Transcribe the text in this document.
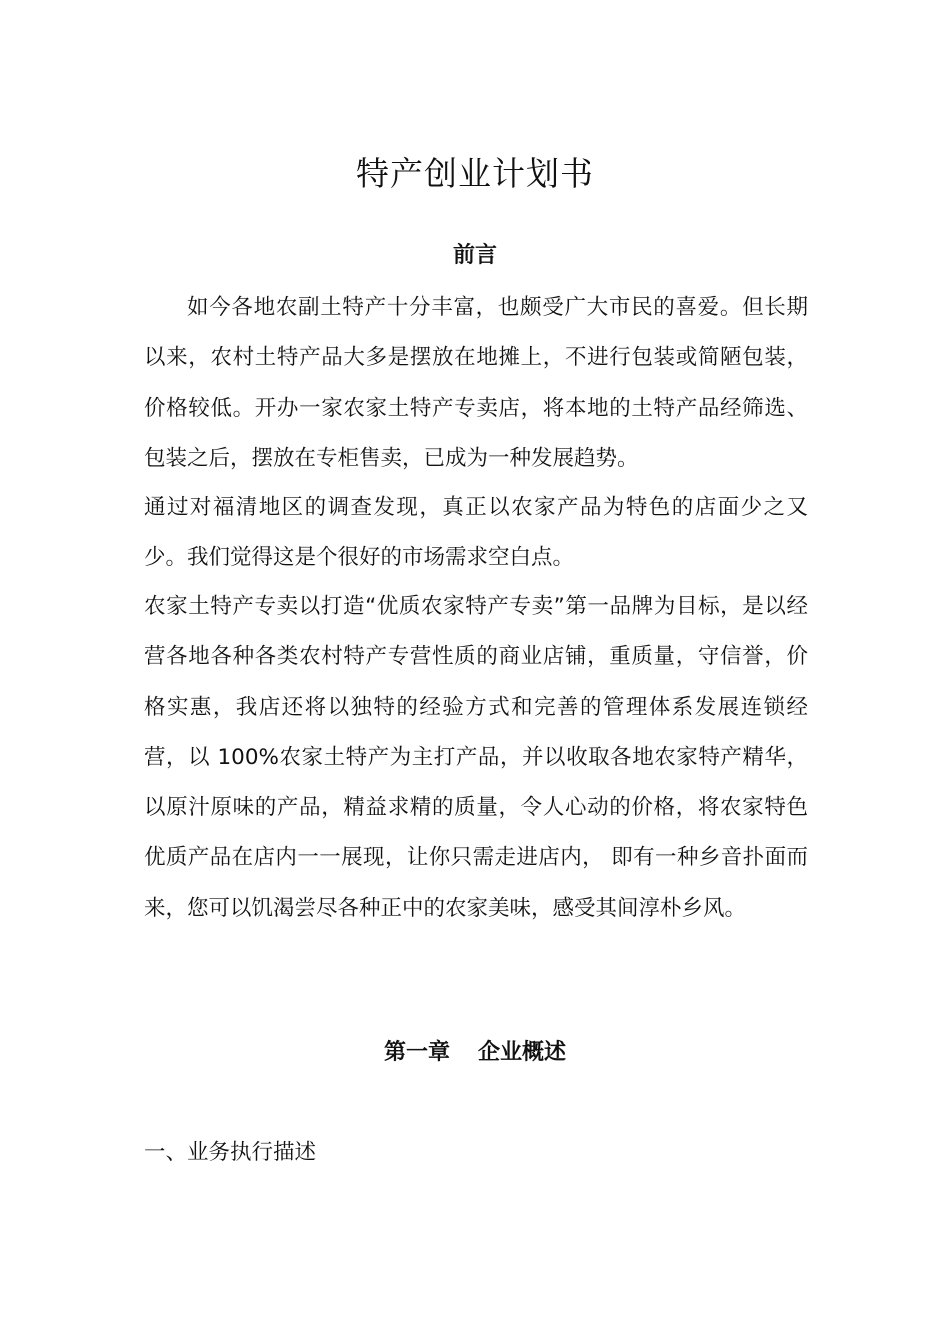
特产创业计划书
前言

如今各地农副土特产十分丰富，也颇受广大市民的喜爱。但长期以来，农村土特产品大多是摆放在地摊上，不进行包装或简陋包装，价格较低。开办一家农家土特产专卖店，将本地的土特产品经筛选、包装之后，摆放在专柜售卖，已成为一种发展趋势。

通过对福清地区的调查发现，真正以农家产品为特色的店面少之又少。我们觉得这是个很好的市场需求空白点。

农家土特产专卖以打造“优质农家特产专卖”第一品牌为目标，是以经营各地各种各类农村特产专营性质的商业店铺，重质量，守信誉，价格实惠，我店还将以独特的经验方式和完善的管理体系发展连锁经营，以 100%农家土特产为主打产品，并以收取各地农家特产精华，以原汁原味的产品，精益求精的质量，令人心动的价格，将农家特色优质产品在店内一一展现，让你只需走进店内， 即有一种乡音扑面而来，您可以饥渴尝尽各种正中的农家美味，感受其间淳朴乡风。

第一章 企业概述
一、业务执行描述
